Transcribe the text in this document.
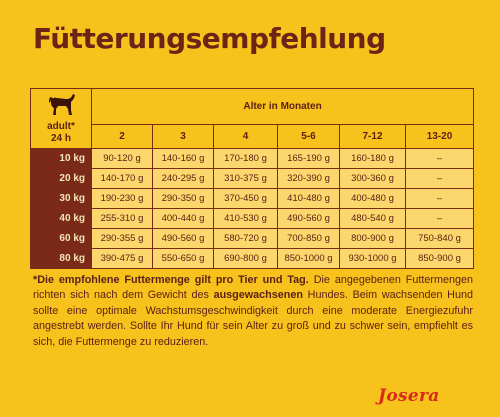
Fütterungsempfehlung
adult*
24 h	Alter in Monaten					
	2	3	4	5-6	7-12	13-20
10 kg	90-120 g	140-160 g	170-180 g	165-190 g	160-180 g	–
20 kg	140-170 g	240-295 g	310-375 g	320-390 g	300-360 g	–
30 kg	190-230 g	290-350 g	370-450 g	410-480 g	400-480 g	–
40 kg	255-310 g	400-440 g	410-530 g	490-560 g	480-540 g	–
60 kg	290-355 g	490-560 g	580-720 g	700-850 g	800-900 g	750-840 g
80 kg	390-475 g	550-650 g	690-800 g	850-1000 g	930-1000 g	850-900 g
*Die empfohlene Futtermenge gilt pro Tier und Tag. Die angegebenen Futtermengen richten sich nach dem Gewicht des ausgewachsenen Hundes. Beim wachsenden Hund sollte eine optimale Wachstumsgeschwindigkeit durch eine moderate Energiezufuhr angestrebt werden. Sollte Ihr Hund für sein Alter zu groß und zu schwer sein, empfiehlt es sich, die Futtermenge zu reduzieren.
Josera
